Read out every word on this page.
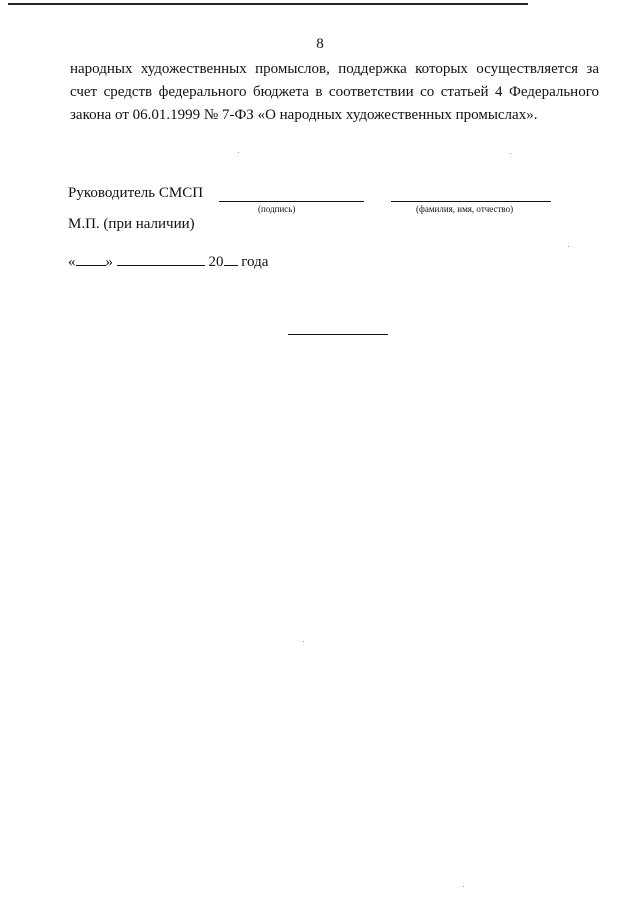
8
народных художественных промыслов, поддержка которых осуществляется за
счет средств федерального бюджета в соответствии со статьей 4 Федерального
закона от 06.01.1999 № 7-ФЗ «О народных художественных промыслах».
Руководитель СМСП
(подпись)	(фамилия, имя, отчество)
М.П. (при наличии)
« »	20 года
